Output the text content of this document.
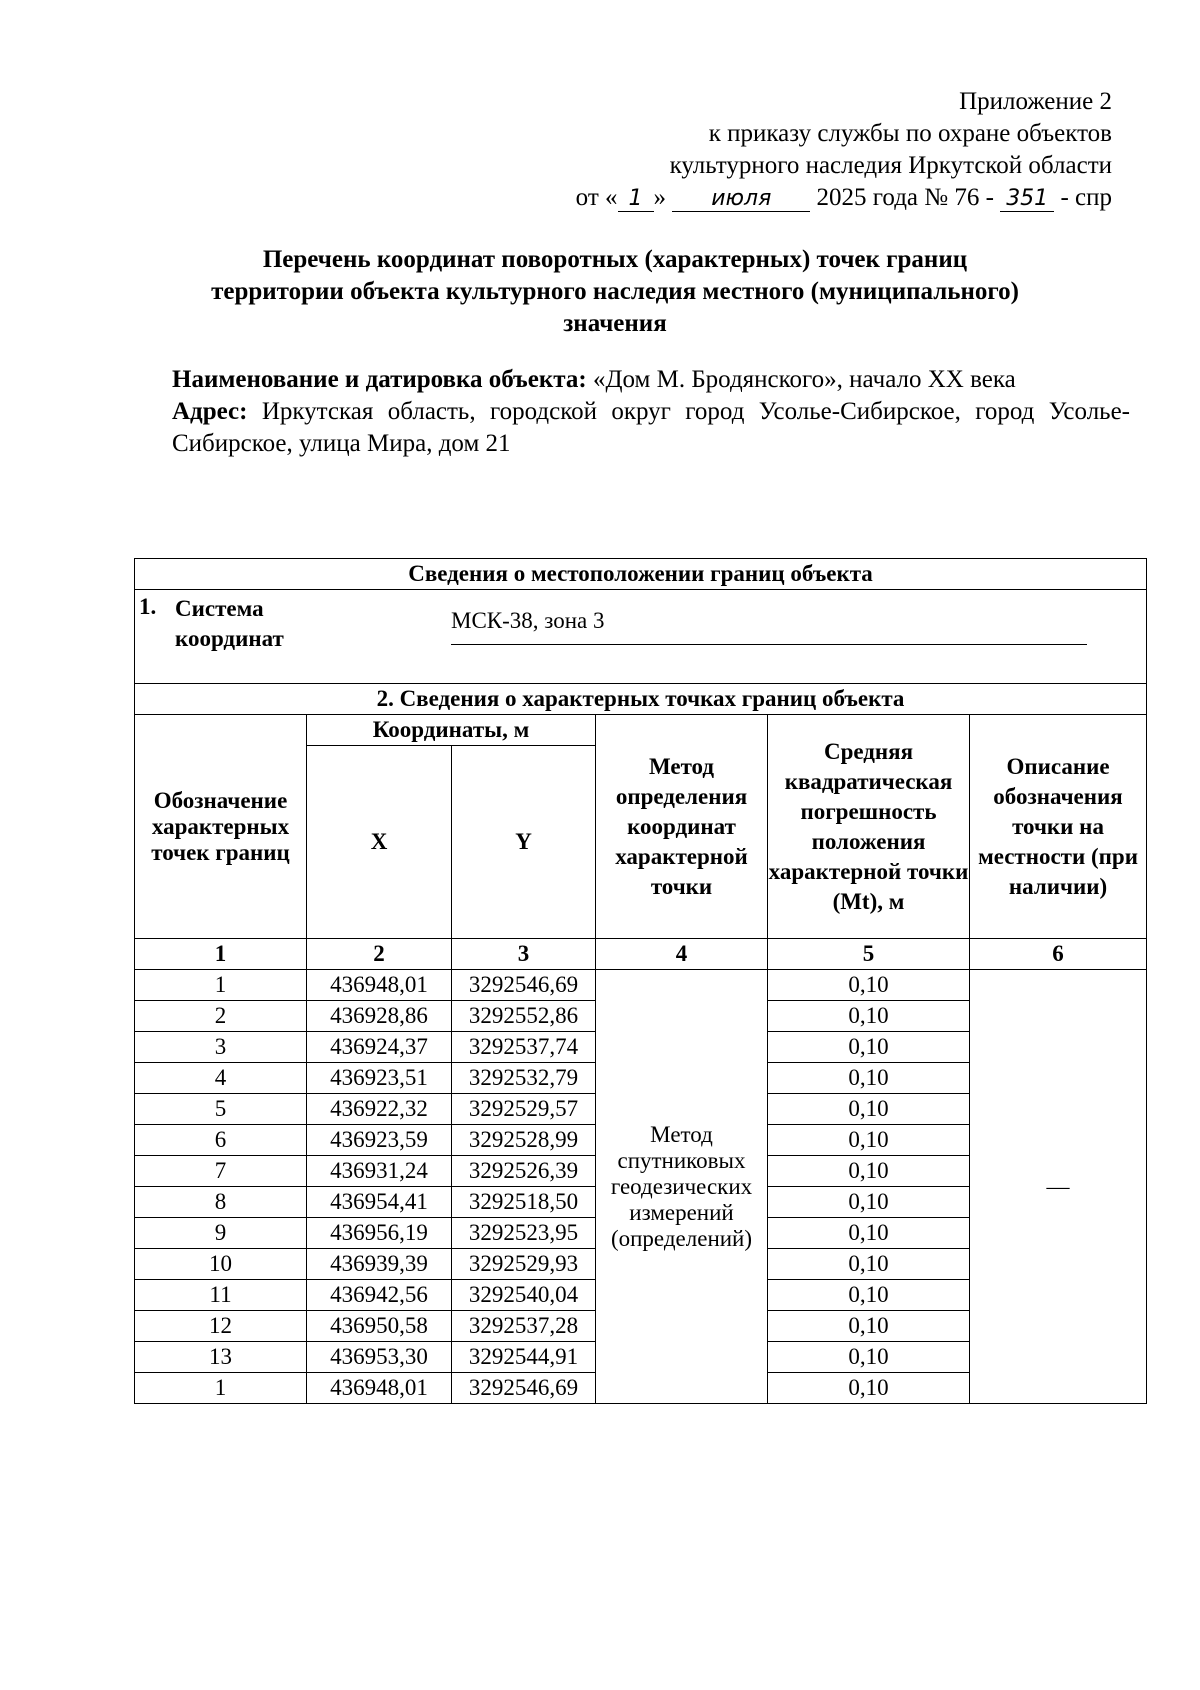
Приложение 2
к приказу службы по охране объектов
культурного наследия Иркутской области
от « 1 » июля 2025 года № 76 - 351 - спр
Перечень координат поворотных (характерных) точек границ
территории объекта культурного наследия местного (муниципального)
значения
Наименование и датировка объекта: «Дом М. Бродянского», начало XX века
Адрес: Иркутская область, городской округ город Усолье-Сибирское, город Усолье-Сибирское, улица Мира, дом 21
Сведения о местоположении границ объекта					

1. Система
координат
МСК-38, зона 3					

2. Сведения о характерных точках границ объекта					
Обозначение характерных точек границ	Координаты, м		Метод определения координат характерной точки	Средняя квадратическая погрешность положения характерной точки (Mt), м	Описание обозначения точки на местности (при наличии)
	X	Y			
1	2	3	4	5	6
1	436948,01	3292546,69	Метод спутниковых геодезических измерений (определений)	0,10	—
2	436928,86	3292552,86		0,10	
3	436924,37	3292537,74		0,10	
4	436923,51	3292532,79		0,10	
5	436922,32	3292529,57		0,10	
6	436923,59	3292528,99		0,10	
7	436931,24	3292526,39		0,10	
8	436954,41	3292518,50		0,10	
9	436956,19	3292523,95		0,10	
10	436939,39	3292529,93		0,10	
11	436942,56	3292540,04		0,10	
12	436950,58	3292537,28		0,10	
13	436953,30	3292544,91		0,10	
1	436948,01	3292546,69		0,10	
